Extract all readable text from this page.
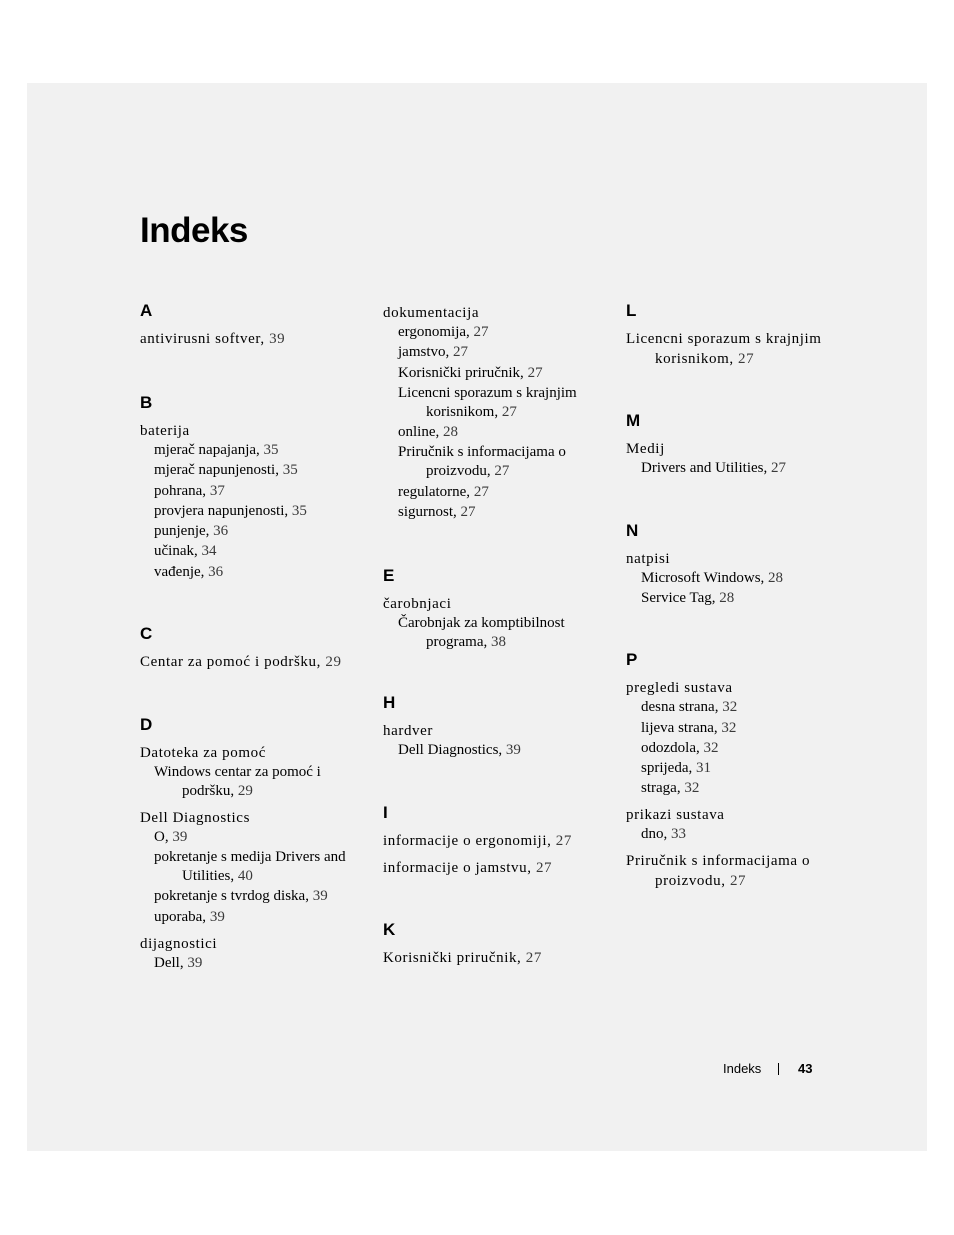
Indeks
A
antivirusni softver, 39
B
baterija
mjerač napajanja, 35
mjerač napunjenosti, 35
pohrana, 37
provjera napunjenosti, 35
punjenje, 36
učinak, 34
vađenje, 36
C
Centar za pomoć i podršku, 29
D
Datoteka za pomoć
Windows centar za pomoć i
podršku, 29
Dell Diagnostics
O, 39
pokretanje s medija Drivers and
Utilities, 40
pokretanje s tvrdog diska, 39
uporaba, 39
dijagnostici
Dell, 39
dokumentacija
ergonomija, 27
jamstvo, 27
Korisnički priručnik, 27
Licencni sporazum s krajnjim
korisnikom, 27
online, 28
Priručnik s informacijama o
proizvodu, 27
regulatorne, 27
sigurnost, 27
E
čarobnjaci
Čarobnjak za komptibilnost
programa, 38
H
hardver
Dell Diagnostics, 39
I
informacije o ergonomiji, 27
informacije o jamstvu, 27
K
Korisnički priručnik, 27
L
Licencni sporazum s krajnjim
korisnikom, 27
M
Medij
Drivers and Utilities, 27
N
natpisi
Microsoft Windows, 28
Service Tag, 28
P
pregledi sustava
desna strana, 32
lijeva strana, 32
odozdola, 32
sprijeda, 31
straga, 32
prikazi sustava
dno, 33
Priručnik s informacijama o
proizvodu, 27
Indeks	43
